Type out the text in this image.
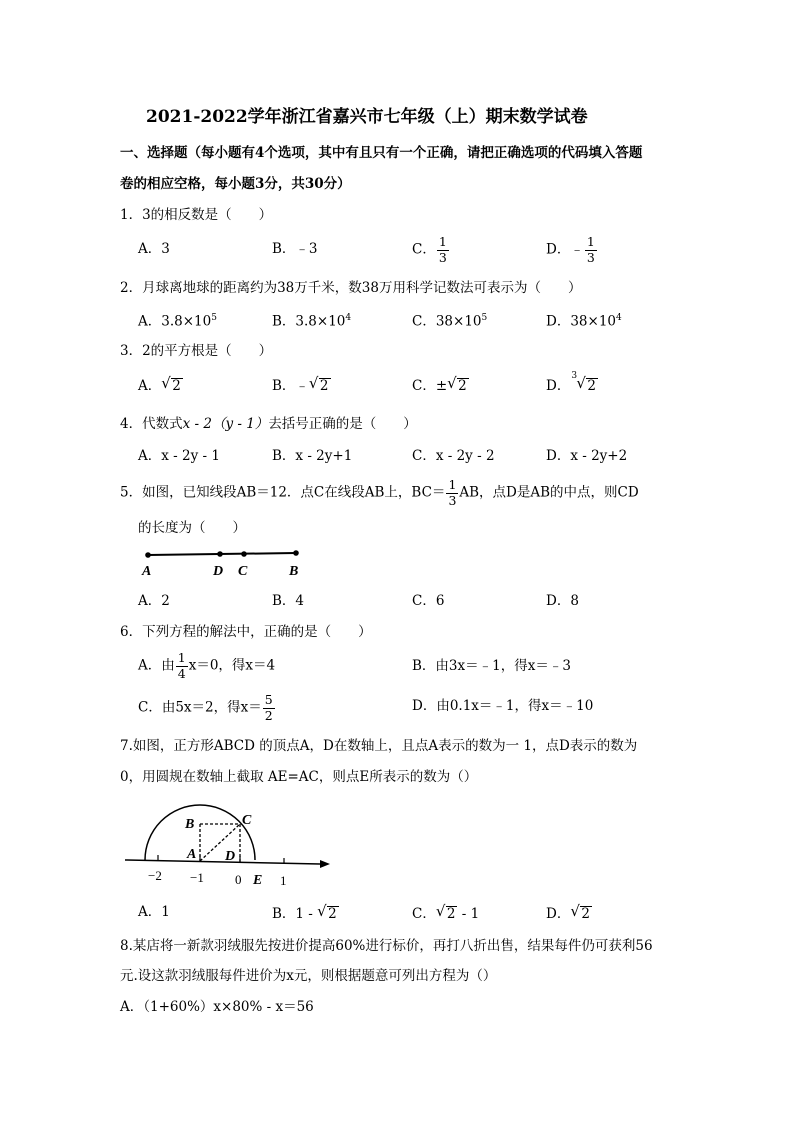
2021-2022学年浙江省嘉兴市七年级（上）期末数学试卷
一、选择题（每小题有4个选项，其中有且只有一个正确，请把正确选项的代码填入答题
卷的相应空格，每小题3分，共30分）
1．3的相反数是（　　）
A．3	B．﹣3	C． $\frac{1}{3}$	D．﹣ $\frac{1}{3}$
2．月球离地球的距离约为38万千米，数38万用科学记数法可表示为（　　）
A．$3.8\times 10^5$	B．$3.8\times 10^4$	C．$38\times 10^5$	D．$38\times 10^4$
3．2的平方根是（　　）
A． √ 2	B．﹣ √ 2	C．± √ 2	D．
3 √ 2
4．代数式x - 2（y - 1）去括号正确的是（　　）
A．x - 2y - 1	B．x - 2y+1	C．x - 2y - 2	D．x - 2y+2
5．如图，已知线段AB＝12．点C在线段AB上，$BC= \frac{1}{3}$ AB，点D是AB的中点，则CD
的长度为（　　）
A	D C	B
A．2	B．4	C．6	D．8
6．下列方程的解法中，正确的是（　　）
A．由 $\frac{1}{4} x=0$，得x＝4	B．由3x＝﹣1，得x＝﹣3
C．由5x＝2，得$x= \frac{5}{2}$	D．由0.1x＝﹣1，得x＝﹣10
7.如图，正方形ABCD 的顶点A，D在数轴上，且点A表示的数为一 1，点D表示的数为
0，用圆规在数轴上截取 AE=AC，则点E所表示的数为（）
B	C
A D
−2 −1 0 E 1
A．1	B．1 - √ 2	C． √ 2 - 1	D． √ 2
8.某店将一新款羽绒服先按进价提高60%进行标价，再打八折出售，结果每件仍可获利56
元.设这款羽绒服每件进价为x元，则根据题意可列出方程为（）
A．（1+60%）x×80% - x＝56
